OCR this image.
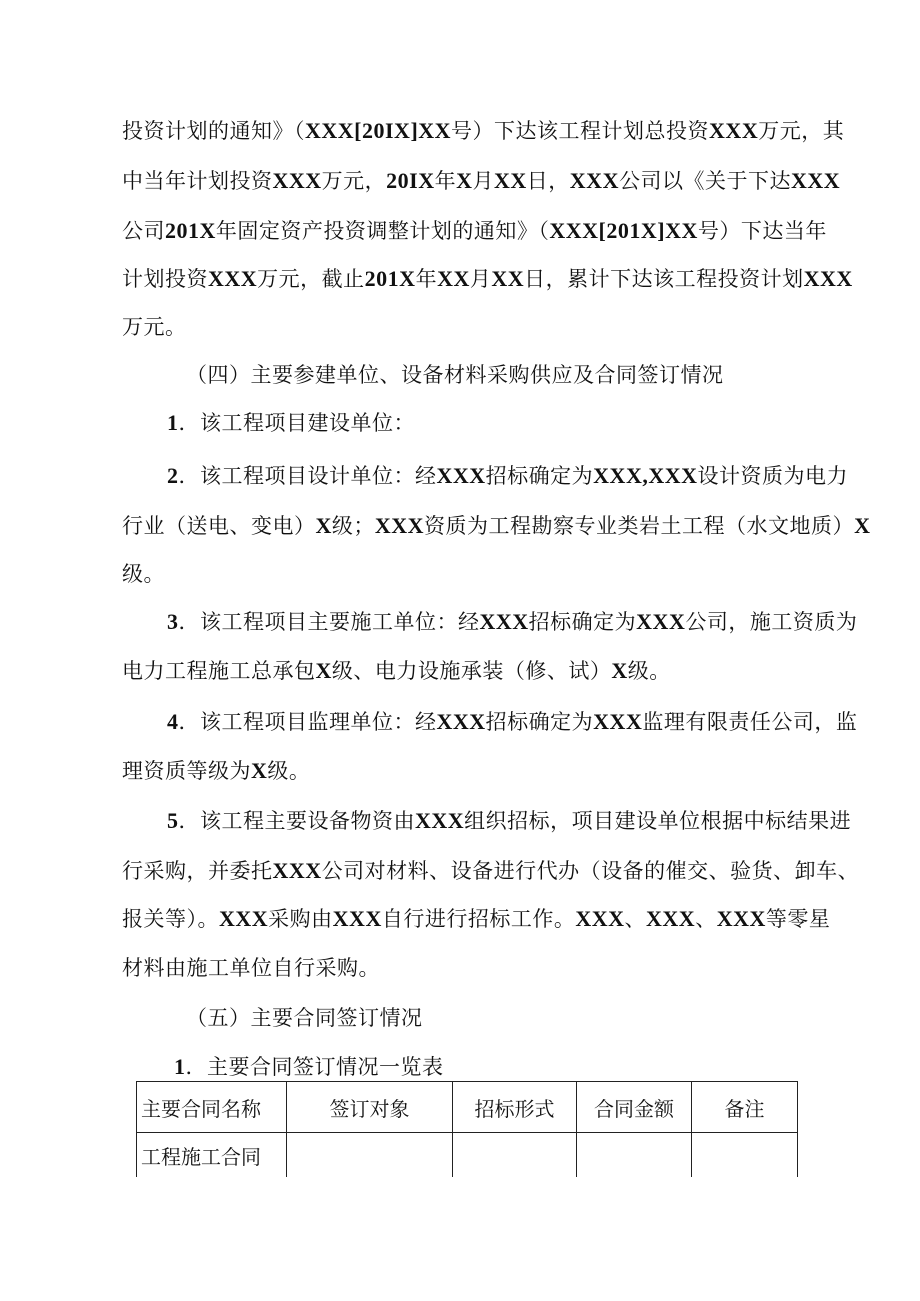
投资计划的通知》（XXX[20IX]XX号）下达该工程计划总投资XXX万元，其
中当年计划投资XXX万元，20IX年X月XX日，XXX公司以《关于下达XXX
公司201X年固定资产投资调整计划的通知》（XXX[201X]XX号）下达当年
计划投资XXX万元，截止201X年XX月XX日，累计下达该工程投资计划XXX
万元。
（四）主要参建单位、设备材料采购供应及合同签订情况
1．该工程项目建设单位：
2．该工程项目设计单位：经XXX招标确定为XXX,XXX设计资质为电力
行业（送电、变电）X级；XXX资质为工程勘察专业类岩土工程（水文地质）X
级。
3．该工程项目主要施工单位：经XXX招标确定为XXX公司，施工资质为
电力工程施工总承包X级、电力设施承装（修、试）X级。
4．该工程项目监理单位：经XXX招标确定为XXX监理有限责任公司，监
理资质等级为X级。
5．该工程主要设备物资由XXX组织招标，项目建设单位根据中标结果进
行采购，并委托XXX公司对材料、设备进行代办（设备的催交、验货、卸车、
报关等）。XXX采购由XXX自行进行招标工作。XXX、XXX、XXX等零星
材料由施工单位自行采购。
（五）主要合同签订情况
1．主要合同签订情况一览表
主要合同名称	签订对象	招标形式	合同金额	备注
工程施工合同				
